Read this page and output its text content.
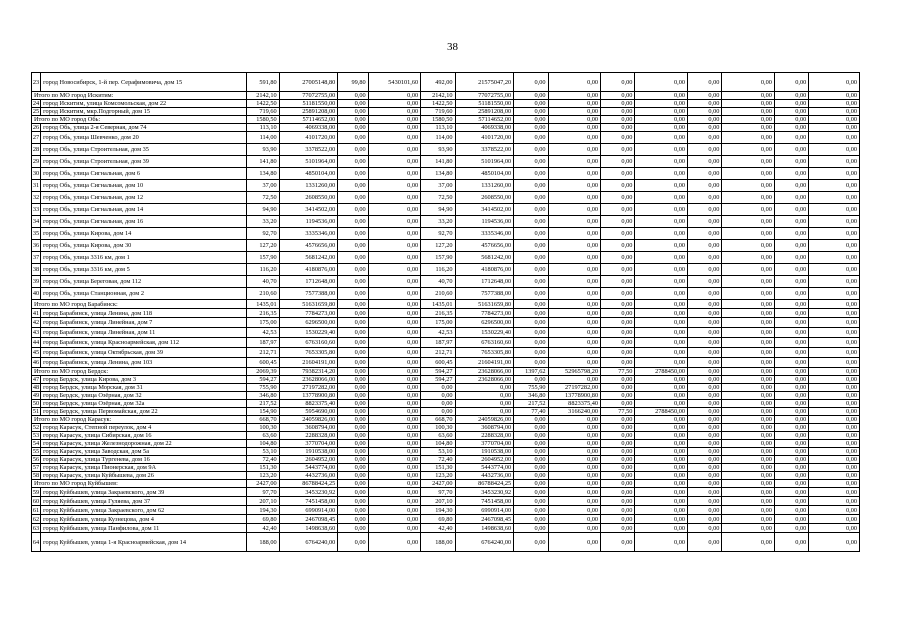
38
23	город Новосибирск, 1-й пер. Серафимовича, дом 15	591,80	27005148,80	99,80	5430101,60	492,00	21575047,20	0,00	0,00	0,00	0,00	0,00	0,00	0,00	0,00
Итого по МО город Искитим:		2142,10	77072755,00	0,00	0,00	2142,10	77072755,00	0,00	0,00	0,00	0,00	0,00	0,00	0,00	0,00
24	город Искитим, улица Комсомольская, дом 22	1422,50	51181550,00	0,00	0,00	1422,50	51181550,00	0,00	0,00	0,00	0,00	0,00	0,00	0,00	0,00
25	город Искитим, мкр.Подгорный, дом 15	719,60	25891208,00	0,00	0,00	719,60	25891208,00	0,00	0,00	0,00	0,00	0,00	0,00	0,00	0,00
Итого по МО город Обь:		1580,50	57114652,00	0,00	0,00	1580,50	57114652,00	0,00	0,00	0,00	0,00	0,00	0,00	0,00	0,00
26	город Обь, улица 2-я Северная, дом 74	113,10	4069338,00	0,00	0,00	113,10	4069338,00	0,00	0,00	0,00	0,00	0,00	0,00	0,00	0,00
27	город Обь, улица Шевченко, дом 20	114,00	4101720,00	0,00	0,00	114,00	4101720,00	0,00	0,00	0,00	0,00	0,00	0,00	0,00	0,00
28	город Обь, улица Строительная, дом 35	93,90	3378522,00	0,00	0,00	93,90	3378522,00	0,00	0,00	0,00	0,00	0,00	0,00	0,00	0,00
29	город Обь, улица Строительная, дом 39	141,80	5101964,00	0,00	0,00	141,80	5101964,00	0,00	0,00	0,00	0,00	0,00	0,00	0,00	0,00
30	город Обь, улица Сигнальная, дом 6	134,80	4850104,00	0,00	0,00	134,80	4850104,00	0,00	0,00	0,00	0,00	0,00	0,00	0,00	0,00
31	город Обь, улица Сигнальная, дом 10	37,00	1331260,00	0,00	0,00	37,00	1331260,00	0,00	0,00	0,00	0,00	0,00	0,00	0,00	0,00
32	город Обь, улица Сигнальная, дом 12	72,50	2608550,00	0,00	0,00	72,50	2608550,00	0,00	0,00	0,00	0,00	0,00	0,00	0,00	0,00
33	город Обь, улица Сигнальная, дом 14	94,90	3414502,00	0,00	0,00	94,90	3414502,00	0,00	0,00	0,00	0,00	0,00	0,00	0,00	0,00
34	город Обь, улица Сигнальная, дом 16	33,20	1194536,00	0,00	0,00	33,20	1194536,00	0,00	0,00	0,00	0,00	0,00	0,00	0,00	0,00
35	город Обь, улица Кирова, дом 14	92,70	3335346,00	0,00	0,00	92,70	3335346,00	0,00	0,00	0,00	0,00	0,00	0,00	0,00	0,00
36	город Обь, улица Кирова, дом 30	127,20	4576656,00	0,00	0,00	127,20	4576656,00	0,00	0,00	0,00	0,00	0,00	0,00	0,00	0,00
37	город Обь, улица 3316 км, дом 1	157,90	5681242,00	0,00	0,00	157,90	5681242,00	0,00	0,00	0,00	0,00	0,00	0,00	0,00	0,00
38	город Обь, улица 3316 км, дом 5	116,20	4180876,00	0,00	0,00	116,20	4180876,00	0,00	0,00	0,00	0,00	0,00	0,00	0,00	0,00
39	город Обь, улица Береговая, дом 112	40,70	1712648,00	0,00	0,00	40,70	1712648,00	0,00	0,00	0,00	0,00	0,00	0,00	0,00	0,00
40	город Обь, улица Станционная, дом 2	210,60	7577388,00	0,00	0,00	210,60	7577388,00	0,00	0,00	0,00	0,00	0,00	0,00	0,00	0,00
Итого по МО город Барабинск:		1435,01	51631659,80	0,00	0,00	1435,01	51631659,80	0,00	0,00	0,00	0,00	0,00	0,00	0,00	0,00
41	город Барабинск, улица Ленина, дом 118	216,35	7784273,00	0,00	0,00	216,35	7784273,00	0,00	0,00	0,00	0,00	0,00	0,00	0,00	0,00
42	город Барабинск, улица Линейная, дом 7	175,00	6296500,00	0,00	0,00	175,00	6296500,00	0,00	0,00	0,00	0,00	0,00	0,00	0,00	0,00
43	город Барабинск, улица Линейная, дом 11	42,53	1530229,40	0,00	0,00	42,53	1530229,40	0,00	0,00	0,00	0,00	0,00	0,00	0,00	0,00
44	город Барабинск, улица Красноармейская, дом 112	187,97	6763160,60	0,00	0,00	187,97	6763160,60	0,00	0,00	0,00	0,00	0,00	0,00	0,00	0,00
45	город Барабинск, улица Октябрьская, дом 39	212,71	7653305,80	0,00	0,00	212,71	7653305,80	0,00	0,00	0,00	0,00	0,00	0,00	0,00	0,00
46	город Барабинск, улица Ленина, дом 103	600,45	21604191,00	0,00	0,00	600,45	21604191,00	0,00	0,00	0,00	0,00	0,00	0,00	0,00	0,00
Итого по МО город Бердск:		2069,39	79382314,20	0,00	0,00	594,27	23628066,00	1397,62	52965798,20	77,50	2788450,00	0,00	0,00	0,00	0,00
47	город Бердск, улица Кирова, дом 3	594,27	23628066,00	0,00	0,00	594,27	23628066,00	0,00	0,00	0,00	0,00	0,00	0,00	0,00	0,00
48	город Бердск, улица Морская, дом 31	755,90	27197282,00	0,00	0,00	0,00	0,00	755,90	27197282,00	0,00	0,00	0,00	0,00	0,00	0,00
49	город Бердск, улица Озёрная, дом 32	346,80	13778900,80	0,00	0,00	0,00	0,00	346,80	13778900,80	0,00	0,00	0,00	0,00	0,00	0,00
50	город Бердск, улица Озёрная, дом 32а	217,52	8823375,40	0,00	0,00	0,00	0,00	217,52	8823375,40	0,00	0,00	0,00	0,00	0,00	0,00
51	город Бердск, улица Первомайская, дом 22	154,90	5954690,00	0,00	0,00	0,00	0,00	77,40	3166240,00	77,50	2788450,00	0,00	0,00	0,00	0,00
Итого по МО город Карасук:		668,70	24059826,00	0,00	0,00	668,70	24059826,00	0,00	0,00	0,00	0,00	0,00	0,00	0,00	0,00
52	город Карасук, Степной переулок, дом 4	100,30	3608794,00	0,00	0,00	100,30	3608794,00	0,00	0,00	0,00	0,00	0,00	0,00	0,00	0,00
53	город Карасук, улица Сибирская, дом 16	63,60	2288328,00	0,00	0,00	63,60	2288328,00	0,00	0,00	0,00	0,00	0,00	0,00	0,00	0,00
54	город Карасук, улица Железнодорожная, дом 22	104,80	3770704,00	0,00	0,00	104,80	3770704,00	0,00	0,00	0,00	0,00	0,00	0,00	0,00	0,00
55	город Карасук, улица Заводская, дом 5а	53,10	1910538,00	0,00	0,00	53,10	1910538,00	0,00	0,00	0,00	0,00	0,00	0,00	0,00	0,00
56	город Карасук, улица Тургенева, дом 16	72,40	2604952,00	0,00	0,00	72,40	2604952,00	0,00	0,00	0,00	0,00	0,00	0,00	0,00	0,00
57	город Карасук, улица Пионерская, дом 9А	151,30	5443774,00	0,00	0,00	151,30	5443774,00	0,00	0,00	0,00	0,00	0,00	0,00	0,00	0,00
58	город Карасук, улица Куйбышева, дом 26	123,20	4432736,00	0,00	0,00	123,20	4432736,00	0,00	0,00	0,00	0,00	0,00	0,00	0,00	0,00
Итого по МО город Куйбышев:		2427,00	86788424,25	0,00	0,00	2427,00	86788424,25	0,00	0,00	0,00	0,00	0,00	0,00	0,00	0,00
59	город Куйбышев, улица Закраевского, дом 39	97,70	3453230,92	0,00	0,00	97,70	3453230,92	0,00	0,00	0,00	0,00	0,00	0,00	0,00	0,00
60	город Куйбышев, улица Гуляева, дом 37	207,10	7451458,00	0,00	0,00	207,10	7451458,00	0,00	0,00	0,00	0,00	0,00	0,00	0,00	0,00
61	город Куйбышев, улица Закраевского, дом 62	194,30	6990914,00	0,00	0,00	194,30	6990914,00	0,00	0,00	0,00	0,00	0,00	0,00	0,00	0,00
62	город Куйбышев, улица Кузнецова, дом 4	69,80	2467098,45	0,00	0,00	69,80	2467098,45	0,00	0,00	0,00	0,00	0,00	0,00	0,00	0,00
63	город Куйбышев, улица Панфилова, дом 11	42,40	1498638,60	0,00	0,00	42,40	1498638,60	0,00	0,00	0,00	0,00	0,00	0,00	0,00	0,00
64	город Куйбышев, улица 1-я Красноармейская, дом 14	188,00	6764240,00	0,00	0,00	188,00	6764240,00	0,00	0,00	0,00	0,00	0,00	0,00	0,00	0,00
